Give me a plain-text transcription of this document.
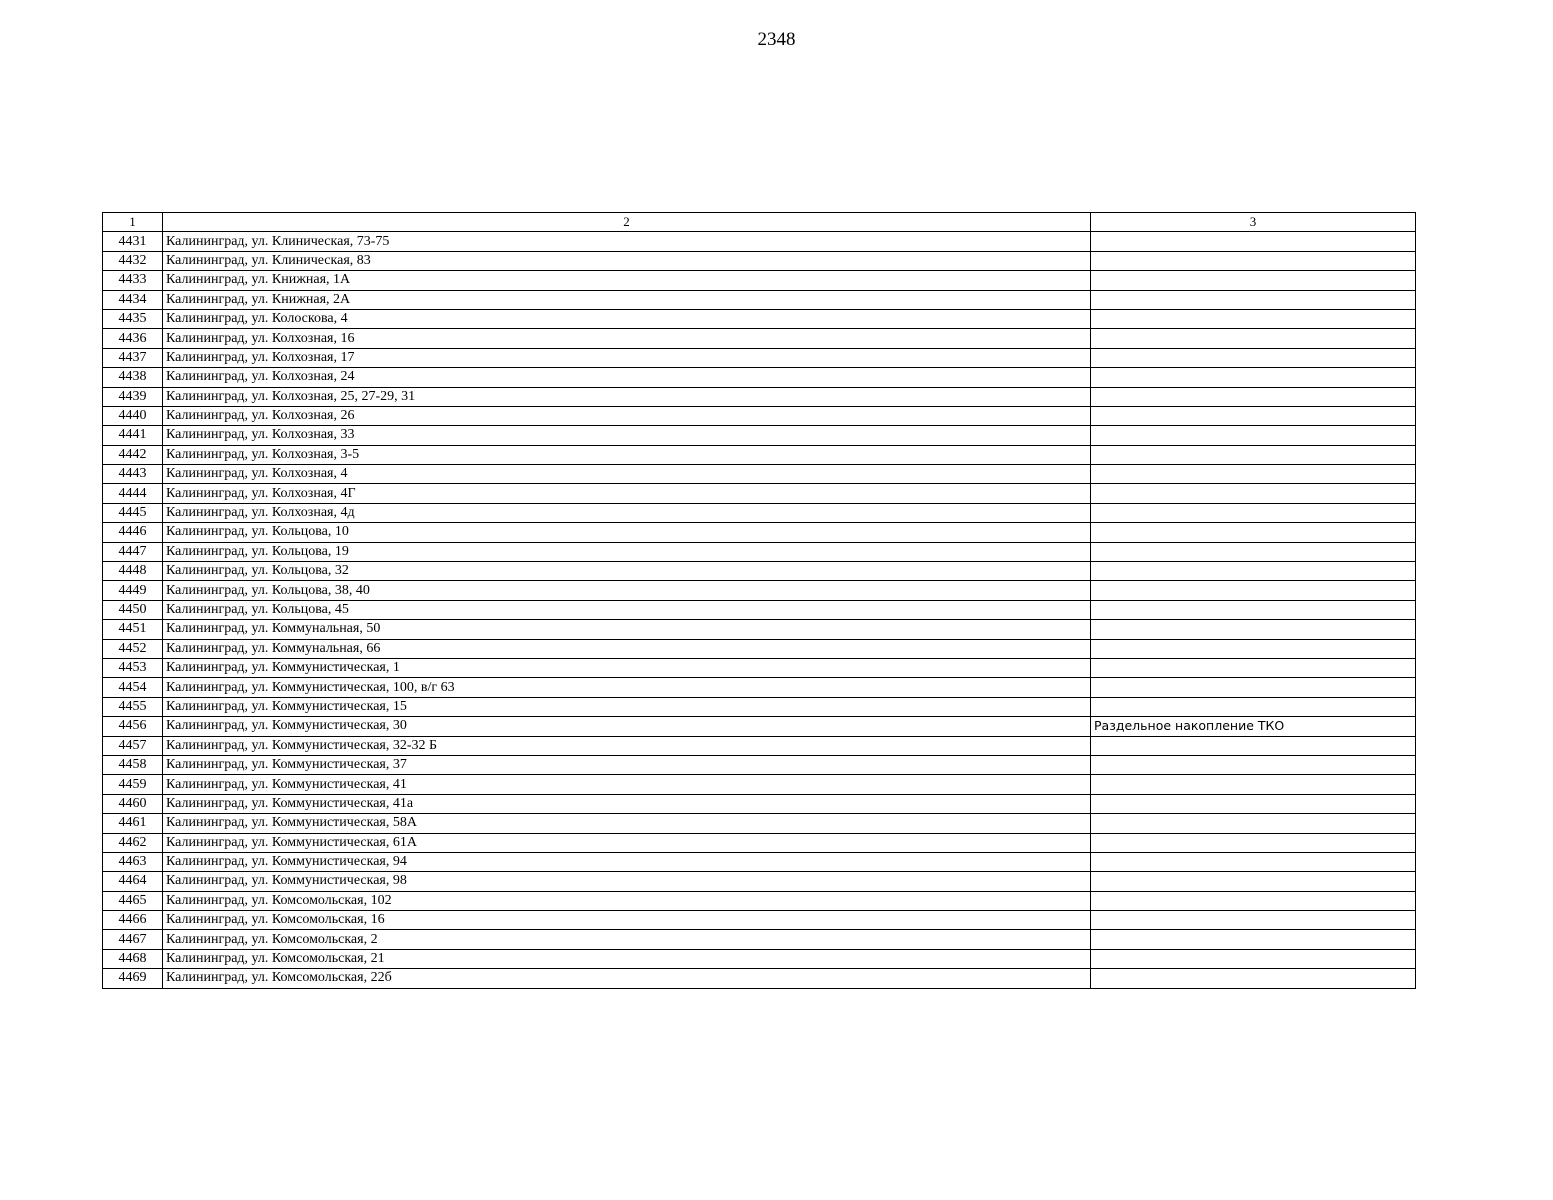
2348
1	2	3
4431	Калининград, ул. Клиническая, 73-75	
4432	Калининград, ул. Клиническая, 83	
4433	Калининград, ул. Книжная, 1А	
4434	Калининград, ул. Книжная, 2А	
4435	Калининград, ул. Колоскова, 4	
4436	Калининград, ул. Колхозная, 16	
4437	Калининград, ул. Колхозная, 17	
4438	Калининград, ул. Колхозная, 24	
4439	Калининград, ул. Колхозная, 25, 27-29, 31	
4440	Калининград, ул. Колхозная, 26	
4441	Калининград, ул. Колхозная, 33	
4442	Калининград, ул. Колхозная, 3-5	
4443	Калининград, ул. Колхозная, 4	
4444	Калининград, ул. Колхозная, 4Г	
4445	Калининград, ул. Колхозная, 4д	
4446	Калининград, ул. Кольцова, 10	
4447	Калининград, ул. Кольцова, 19	
4448	Калининград, ул. Кольцова, 32	
4449	Калининград, ул. Кольцова, 38, 40	
4450	Калининград, ул. Кольцова, 45	
4451	Калининград, ул. Коммунальная, 50	
4452	Калининград, ул. Коммунальная, 66	
4453	Калининград, ул. Коммунистическая, 1	
4454	Калининград, ул. Коммунистическая, 100, в/г 63	
4455	Калининград, ул. Коммунистическая, 15	
4456	Калининград, ул. Коммунистическая, 30	Раздельное накопление ТКО
4457	Калининград, ул. Коммунистическая, 32-32 Б	
4458	Калининград, ул. Коммунистическая, 37	
4459	Калининград, ул. Коммунистическая, 41	
4460	Калининград, ул. Коммунистическая, 41а	
4461	Калининград, ул. Коммунистическая, 58А	
4462	Калининград, ул. Коммунистическая, 61А	
4463	Калининград, ул. Коммунистическая, 94	
4464	Калининград, ул. Коммунистическая, 98	
4465	Калининград, ул. Комсомольская, 102	
4466	Калининград, ул. Комсомольская, 16	
4467	Калининград, ул. Комсомольская, 2	
4468	Калининград, ул. Комсомольская, 21	
4469	Калининград, ул. Комсомольская, 22б	
